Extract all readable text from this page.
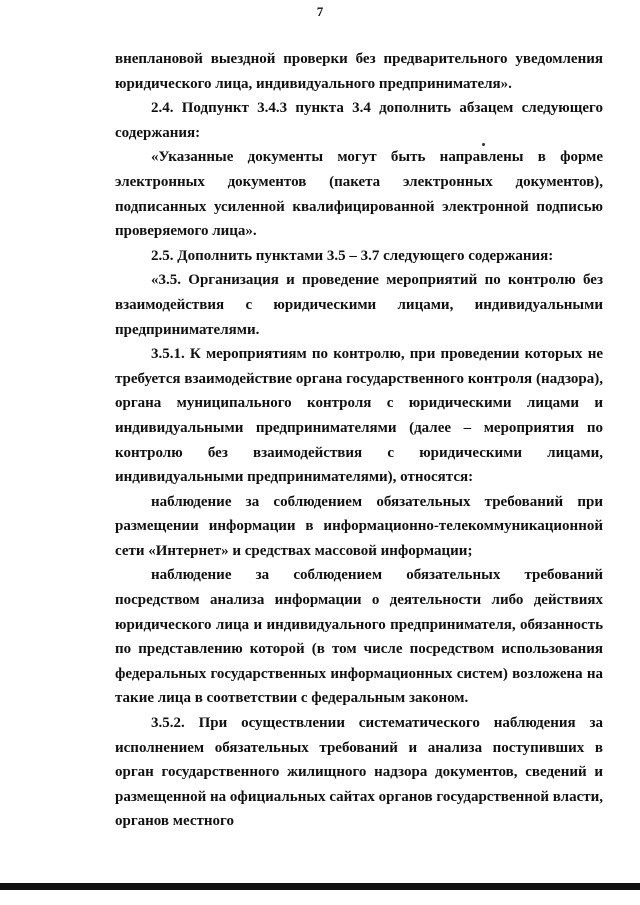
7

внеплановой выездной проверки без предварительного уведомления юридического лица, индивидуального предпринимателя».

2.4. Подпункт 3.4.3 пункта 3.4 дополнить абзацем следующего содержания:

«Указанные документы могут быть направлены в форме электронных документов (пакета электронных документов), подписанных усиленной квалифицированной электронной подписью проверяемого лица».

2.5. Дополнить пунктами 3.5 – 3.7 следующего содержания:

«3.5. Организация и проведение мероприятий по контролю без взаимодействия с юридическими лицами, индивидуальными предпринимателями.

3.5.1. К мероприятиям по контролю, при проведении которых не требуется взаимодействие органа государственного контроля (надзора), органа муниципального контроля с юридическими лицами и индивидуальными предпринимателями (далее – мероприятия по контролю без взаимодействия с юридическими лицами, индивидуальными предпринимателями), относятся:

наблюдение за соблюдением обязательных требований при размещении информации в информационно-телекоммуникационной сети «Интернет» и средствах массовой информации;

наблюдение за соблюдением обязательных требований посредством анализа информации о деятельности либо действиях юридического лица и индивидуального предпринимателя, обязанность по представлению которой (в том числе посредством использования федеральных государственных информационных систем) возложена на такие лица в соответствии с федеральным законом.

3.5.2. При осуществлении систематического наблюдения за исполнением обязательных требований и анализа поступивших в орган государственного жилищного надзора документов, сведений и размещенной на официальных сайтах органов государственной власти, органов местного
